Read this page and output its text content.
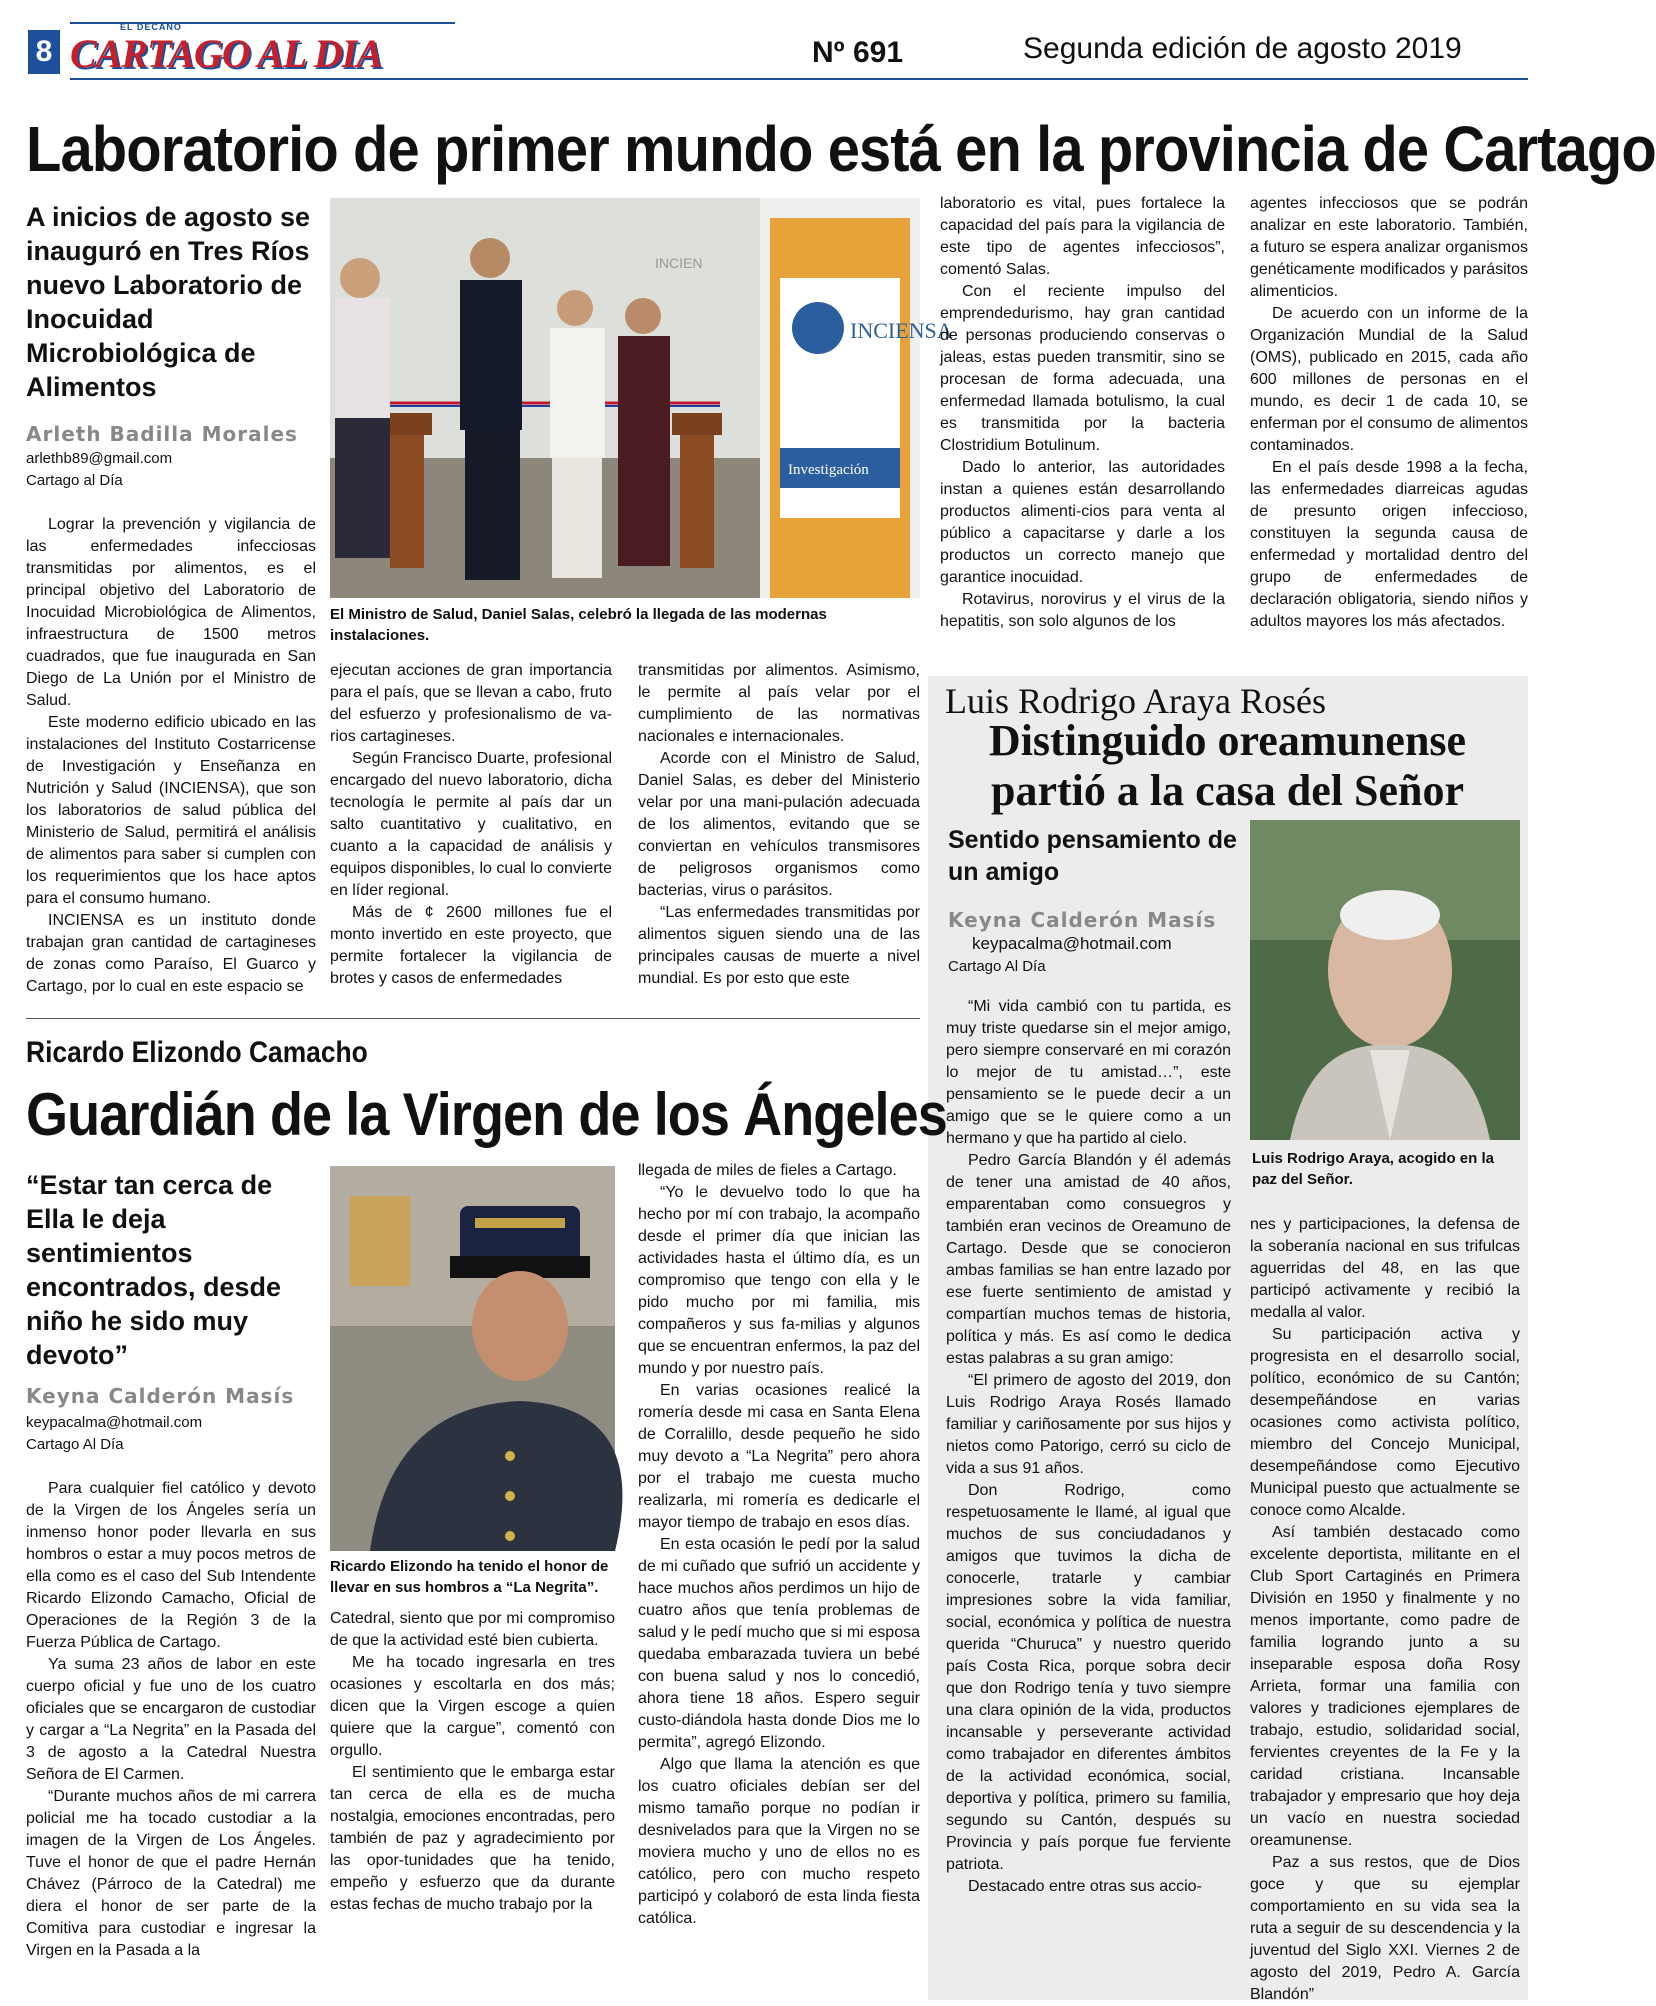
8
EL DECANO
CARTAGO AL DIA	Nº 691	Segunda edición de agosto 2019
Laboratorio de primer mundo está en la provincia de Cartago
A inicios de agosto se inauguró en Tres Ríos nuevo Laboratorio de Inocuidad Microbiológica de Alimentos
Arleth Badilla Morales
arlethb89@gmail.com
Cartago al Día
INCIENSA
Investigación
INCIEN
El Ministro de Salud, Daniel Salas, celebró la llegada de las modernas instalaciones.

Lograr la prevención y vigilancia de las enfermedades infecciosas transmitidas por alimentos, es el principal objetivo del Laboratorio de Inocuidad Microbiológica de Alimentos, infraestructura de 1500 metros cuadrados, que fue inaugurada en San Diego de La Unión por el Ministro de Salud.

Este moderno edificio ubicado en las instalaciones del Instituto Costarricense de Investigación y Enseñanza en Nutrición y Salud (INCIENSA), que son los laboratorios de salud pública del Ministerio de Salud, permitirá el análisis de alimentos para saber si cumplen con los requerimientos que los hace aptos para el consumo humano.

INCIENSA es un instituto donde trabajan gran cantidad de cartagineses de zonas como Paraíso, El Guarco y Cartago, por lo cual en este espacio se

ejecutan acciones de gran importancia para el país, que se llevan a cabo, fruto del esfuerzo y profesionalismo de va-rios cartagineses.

Según Francisco Duarte, profesional encargado del nuevo laboratorio, dicha tecnología le permite al país dar un salto cuantitativo y cualitativo, en cuanto a la capacidad de análisis y equipos disponibles, lo cual lo convierte en líder regional.

Más de ¢ 2600 millones fue el monto invertido en este proyecto, que permite fortalecer la vigilancia de brotes y casos de enfermedades

transmitidas por alimentos. Asimismo, le permite al país velar por el cumplimiento de las normativas nacionales e internacionales.

Acorde con el Ministro de Salud, Daniel Salas, es deber del Ministerio velar por una mani-pulación adecuada de los alimentos, evitando que se conviertan en vehículos transmisores de peligrosos organismos como bacterias, virus o parásitos.

“Las enfermedades transmitidas por alimentos siguen siendo una de las principales causas de muerte a nivel mundial. Es por esto que este

laboratorio es vital, pues fortalece la capacidad del país para la vigilancia de este tipo de agentes infecciosos”, comentó Salas.

Con el reciente impulso del emprendedurismo, hay gran cantidad de personas produciendo conservas o jaleas, estas pueden transmitir, sino se procesan de forma adecuada, una enfermedad llamada botulismo, la cual es transmitida por la bacteria Clostridium Botulinum.

Dado lo anterior, las autoridades instan a quienes están desarrollando productos alimenti-cios para venta al público a capacitarse y darle a los productos un correcto manejo que garantice inocuidad.

Rotavirus, norovirus y el virus de la hepatitis, son solo algunos de los

agentes infecciosos que se podrán analizar en este laboratorio. También, a futuro se espera analizar organismos genéticamente modificados y parásitos alimenticios.

De acuerdo con un informe de la Organización Mundial de la Salud (OMS), publicado en 2015, cada año 600 millones de personas en el mundo, es decir 1 de cada 10, se enferman por el consumo de alimentos contaminados.

En el país desde 1998 a la fecha, las enfermedades diarreicas agudas de presunto origen infeccioso, constituyen la segunda causa de enfermedad y mortalidad dentro del grupo de enfermedades de declaración obligatoria, siendo niños y adultos mayores los más afectados.

Luis Rodrigo Araya Rosés
Distinguido oreamunense partió a la casa del Señor
Sentido pensamiento de un amigo
Keyna Calderón Masís
keypacalma@hotmail.com
Cartago Al Día
Luis Rodrigo Araya, acogido en la paz del Señor.

“Mi vida cambió con tu partida, es muy triste quedarse sin el mejor amigo, pero siempre conservaré en mi corazón lo mejor de tu amistad…”, este pensamiento se le puede decir a un amigo que se le quiere como a un hermano y que ha partido al cielo.

Pedro García Blandón y él además de tener una amistad de 40 años, emparentaban como consuegros y también eran vecinos de Oreamuno de Cartago. Desde que se conocieron ambas familias se han entre lazado por ese fuerte sentimiento de amistad y compartían muchos temas de historia, política y más. Es así como le dedica estas palabras a su gran amigo:

“El primero de agosto del 2019, don Luis Rodrigo Araya Rosés llamado familiar y cariñosamente por sus hijos y nietos como Patorigo, cerró su ciclo de vida a sus 91 años.

Don Rodrigo, como respetuosamente le llamé, al igual que muchos de sus conciudadanos y amigos que tuvimos la dicha de conocerle, tratarle y cambiar impresiones sobre la vida familiar, social, económica y política de nuestra querida “Churuca” y nuestro querido país Costa Rica, porque sobra decir que don Rodrigo tenía y tuvo siempre una clara opinión de la vida, productos incansable y perseverante actividad como trabajador en diferentes ámbitos de la actividad económica, social, deportiva y política, primero su familia, segundo su Cantón, después su Provincia y país porque fue ferviente patriota.

Destacado entre otras sus accio-

nes y participaciones, la defensa de la soberanía nacional en sus trifulcas aguerridas del 48, en las que participó activamente y recibió la medalla al valor.

Su participación activa y progresista en el desarrollo social, político, económico de su Cantón; desempeñándose en varias ocasiones como activista político, miembro del Concejo Municipal, desempeñándose como Ejecutivo Municipal puesto que actualmente se conoce como Alcalde.

Así también destacado como excelente deportista, militante en el Club Sport Cartaginés en Primera División en 1950 y finalmente y no menos importante, como padre de familia logrando junto a su inseparable esposa doña Rosy Arrieta, formar una familia con valores y tradiciones ejemplares de trabajo, estudio, solidaridad social, fervientes creyentes de la Fe y la caridad cristiana. Incansable trabajador y empresario que hoy deja un vacío en nuestra sociedad oreamunense.

Paz a sus restos, que de Dios goce y que su ejemplar comportamiento en su vida sea la ruta a seguir de su descendencia y la juventud del Siglo XXI. Viernes 2 de agosto del 2019, Pedro A. García Blandón”

Ricardo Elizondo Camacho
Guardián de la Virgen de los Ángeles
“Estar tan cerca de Ella le deja sentimientos encontrados, desde niño he sido muy devoto”
Keyna Calderón Masís
keypacalma@hotmail.com
Cartago Al Día
Ricardo Elizondo ha tenido el honor de llevar en sus hombros a “La Negrita”.

Para cualquier fiel católico y devoto de la Virgen de los Ángeles sería un inmenso honor poder llevarla en sus hombros o estar a muy pocos metros de ella como es el caso del Sub Intendente Ricardo Elizondo Camacho, Oficial de Operaciones de la Región 3 de la Fuerza Pública de Cartago.

Ya suma 23 años de labor en este cuerpo oficial y fue uno de los cuatro oficiales que se encargaron de custodiar y cargar a “La Negrita” en la Pasada del 3 de agosto a la Catedral Nuestra Señora de El Carmen.

“Durante muchos años de mi carrera policial me ha tocado custodiar a la imagen de la Virgen de Los Ángeles. Tuve el honor de que el padre Hernán Chávez (Párroco de la Catedral) me diera el honor de ser parte de la Comitiva para custodiar e ingresar la Virgen en la Pasada a la

Catedral, siento que por mi compromiso de que la actividad esté bien cubierta.

Me ha tocado ingresarla en tres ocasiones y escoltarla en dos más; dicen que la Virgen escoge a quien quiere que la cargue”, comentó con orgullo.

El sentimiento que le embarga estar tan cerca de ella es de mucha nostalgia, emociones encontradas, pero también de paz y agradecimiento por las opor-tunidades que ha tenido, empeño y esfuerzo que da durante estas fechas de mucho trabajo por la

llegada de miles de fieles a Cartago.

“Yo le devuelvo todo lo que ha hecho por mí con trabajo, la acompaño desde el primer día que inician las actividades hasta el último día, es un compromiso que tengo con ella y le pido mucho por mi familia, mis compañeros y sus fa-milias y algunos que se encuentran enfermos, la paz del mundo y por nuestro país.

En varias ocasiones realicé la romería desde mi casa en Santa Elena de Corralillo, desde pequeño he sido muy devoto a “La Negrita” pero ahora por el trabajo me cuesta mucho realizarla, mi romería es dedicarle el mayor tiempo de trabajo en esos días.

En esta ocasión le pedí por la salud de mi cuñado que sufrió un accidente y hace muchos años perdimos un hijo de cuatro años que tenía problemas de salud y le pedí mucho que si mi esposa quedaba embarazada tuviera un bebé con buena salud y nos lo concedió, ahora tiene 18 años. Espero seguir custo-diándola hasta donde Dios me lo permita”, agregó Elizondo.

Algo que llama la atención es que los cuatro oficiales debían ser del mismo tamaño porque no podían ir desnivelados para que la Virgen no se moviera mucho y uno de ellos no es católico, pero con mucho respeto participó y colaboró de esta linda fiesta católica.
